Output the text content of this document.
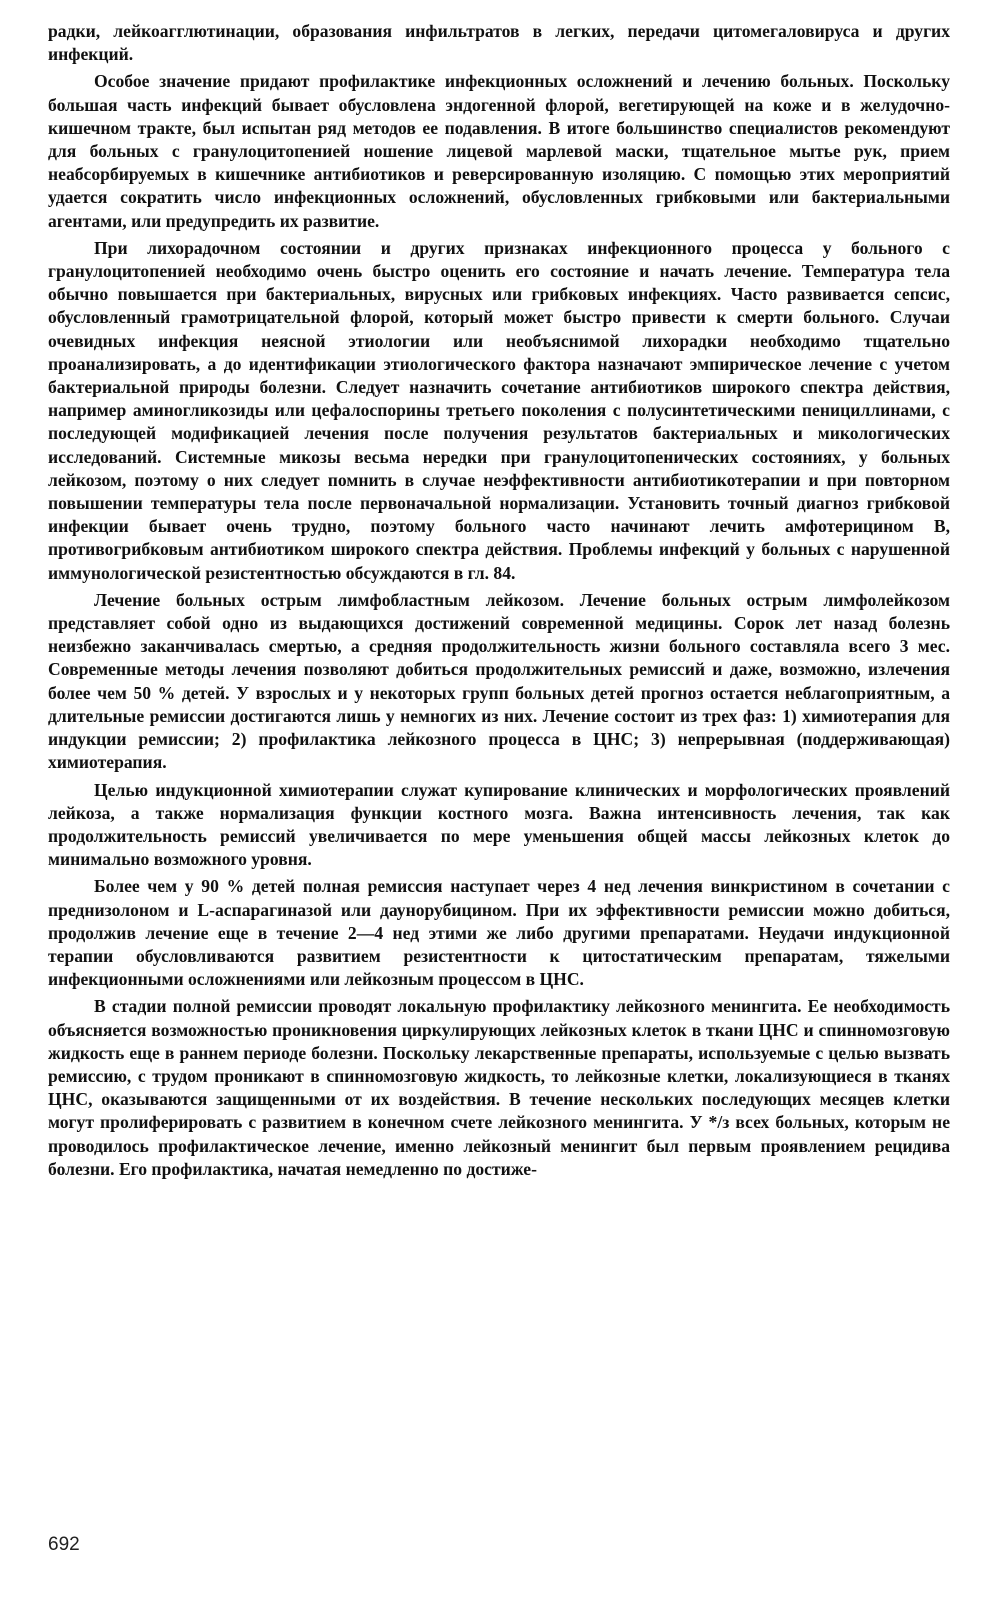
радки, лейкоагглютинации, образования инфильтратов в легких, передачи цитомегаловируса и других инфекций.

Особое значение придают профилактике инфекционных осложнений и лечению больных. Поскольку большая часть инфекций бывает обусловлена эндогенной флорой, вегетирующей на коже и в желудочно-кишечном тракте, был испытан ряд методов ее подавления. В итоге большинство специалистов рекомендуют для больных с гранулоцитопенией ношение лицевой марлевой маски, тщательное мытье рук, прием неабсорбируемых в кишечнике антибиотиков и реверсированную изоляцию. С помощью этих мероприятий удается сократить число инфекционных осложнений, обусловленных грибковыми или бактериальными агентами, или предупредить их развитие.

При лихорадочном состоянии и других признаках инфекционного процесса у больного с гранулоцитопенией необходимо очень быстро оценить его состояние и начать лечение. Температура тела обычно повышается при бактериальных, вирусных или грибковых инфекциях. Часто развивается сепсис, обусловленный грамотрицательной флорой, который может быстро привести к смерти больного. Случаи очевидных инфекция неясной этиологии или необъяснимой лихорадки необходимо тщательно проанализировать, а до идентификации этиологического фактора назначают эмпирическое лечение с учетом бактериальной природы болезни. Следует назначить сочетание антибиотиков широкого спектра действия, например аминогликозиды или цефалоспорины третьего поколения с полусинтетическими пенициллинами, с последующей модификацией лечения после получения результатов бактериальных и микологических исследований. Системные микозы весьма нередки при гранулоцитопенических состояниях, у больных лейкозом, поэтому о них следует помнить в случае неэффективности антибиотикотерапии и при повторном повышении температуры тела после первоначальной нормализации. Установить точный диагноз грибковой инфекции бывает очень трудно, поэтому больного часто начинают лечить амфотерицином В, противогрибковым антибиотиком широкого спектра действия. Проблемы инфекций у больных с нарушенной иммунологической резистентностью обсуждаются в гл. 84.

Лечение больных острым лимфобластным лейкозом. Лечение больных острым лимфолейкозом представляет собой одно из выдающихся достижений современной медицины. Сорок лет назад болезнь неизбежно заканчивалась смертью, а средняя продолжительность жизни больного составляла всего 3 мес. Современные методы лечения позволяют добиться продолжительных ремиссий и даже, возможно, излечения более чем 50 % детей. У взрослых и у некоторых групп больных детей прогноз остается неблагоприятным, а длительные ремиссии достигаются лишь у немногих из них. Лечение состоит из трех фаз: 1) химиотерапия для индукции ремиссии; 2) профилактика лейкозного процесса в ЦНС; 3) непрерывная (поддерживающая) химиотерапия.

Целью индукционной химиотерапии служат купирование клинических и морфологических проявлений лейкоза, а также нормализация функции костного мозга. Важна интенсивность лечения, так как продолжительность ремиссий увеличивается по мере уменьшения общей массы лейкозных клеток до минимально возможного уровня.

Более чем у 90 % детей полная ремиссия наступает через 4 нед лечения винкристином в сочетании с преднизолоном и L-аспарагиназой или даунорубицином. При их эффективности ремиссии можно добиться, продолжив лечение еще в течение 2—4 нед этими же либо другими препаратами. Неудачи индукционной терапии обусловливаются развитием резистентности к цитостатическим препаратам, тяжелыми инфекционными осложнениями или лейкозным процессом в ЦНС.

В стадии полной ремиссии проводят локальную профилактику лейкозного менингита. Ее необходимость объясняется возможностью проникновения циркулирующих лейкозных клеток в ткани ЦНС и спинномозговую жидкость еще в раннем периоде болезни. Поскольку лекарственные препараты, используемые с целью вызвать ремиссию, с трудом проникают в спинномозговую жидкость, то лейкозные клетки, локализующиеся в тканях ЦНС, оказываются защищенными от их воздействия. В течение нескольких последующих месяцев клетки могут пролиферировать с развитием в конечном счете лейкозного менингита. У */з всех больных, которым не проводилось профилактическое лечение, именно лейкозный менингит был первым проявлением рецидива болезни. Его профилактика, начатая немедленно по достиже-

692
